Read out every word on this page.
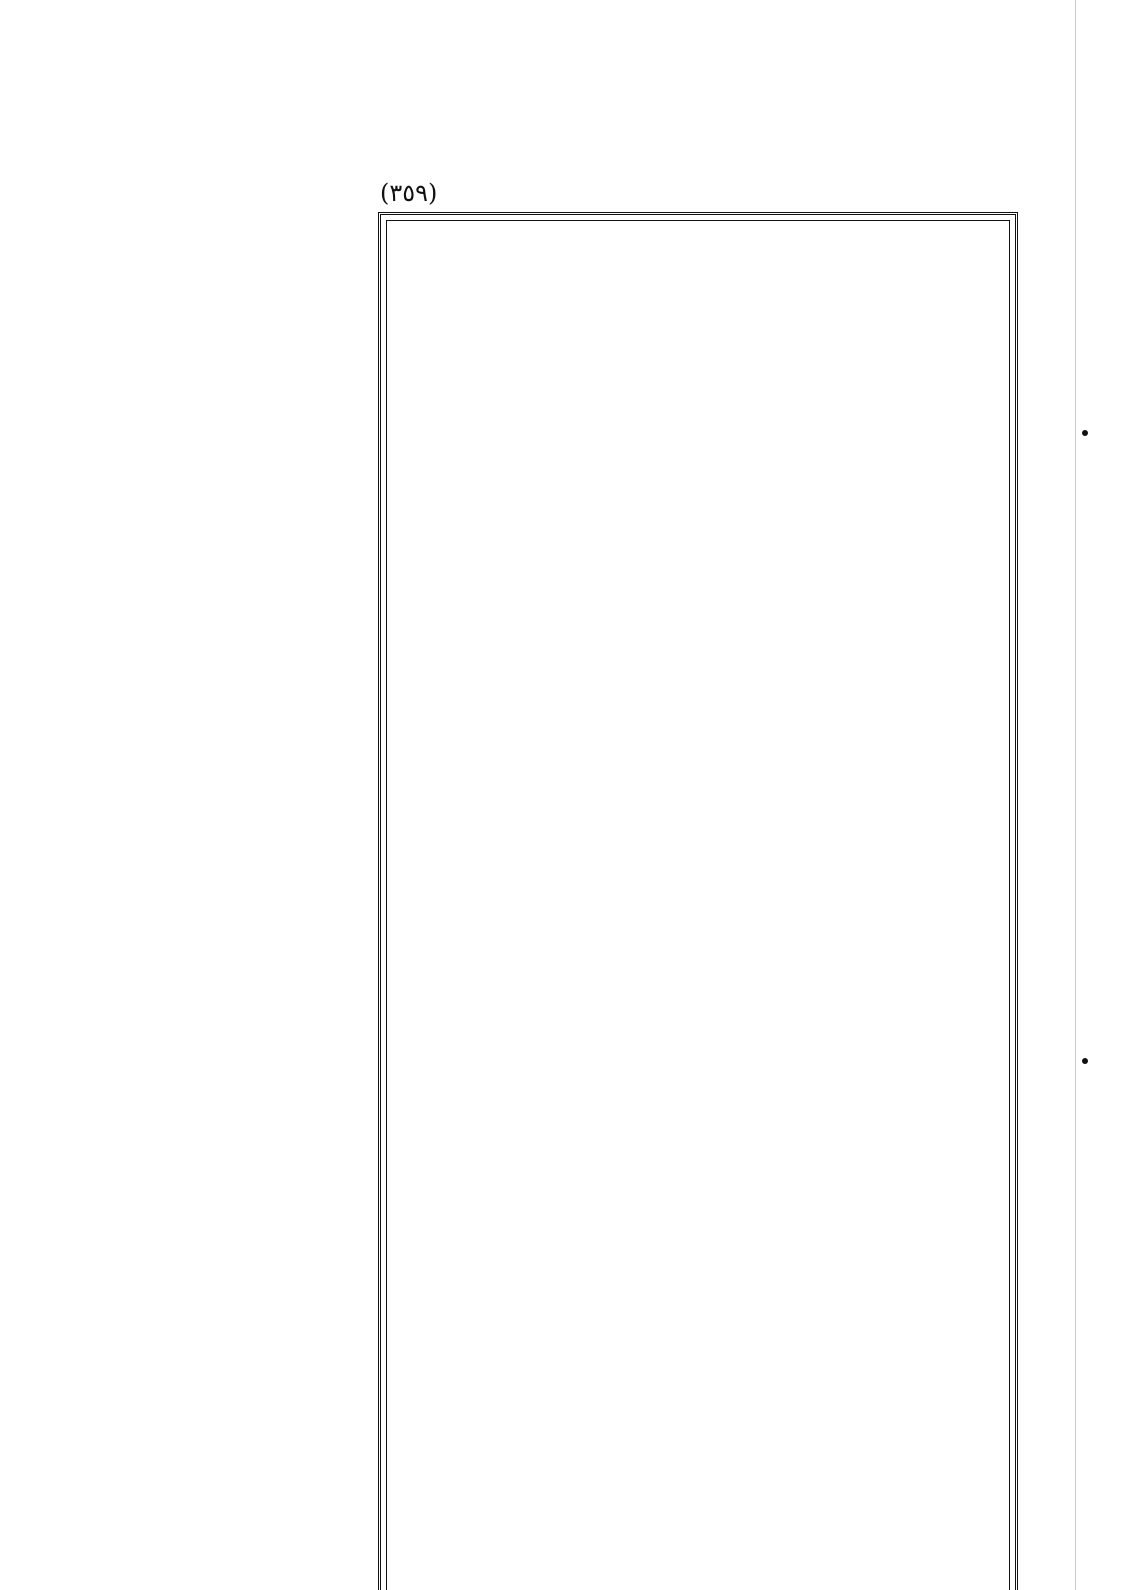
(٣٥٩)
